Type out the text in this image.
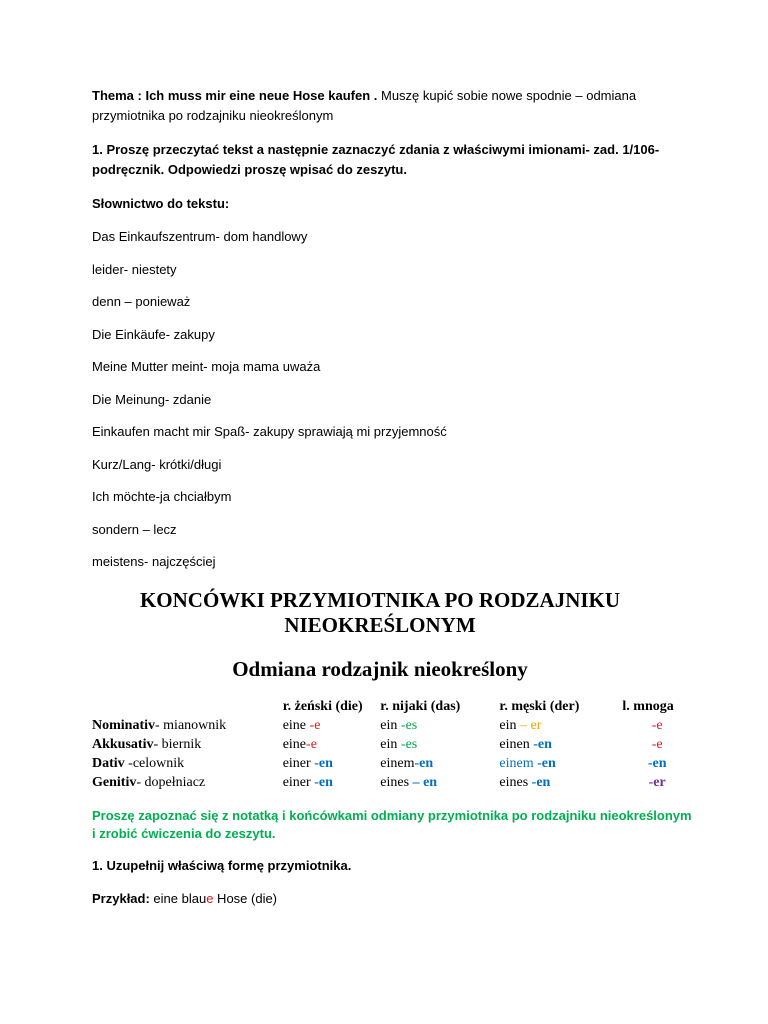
Thema : Ich muss mir eine neue Hose kaufen . Muszę kupić sobie nowe spodnie – odmiana przymiotnika po rodzajniku nieokreślonym

1. Proszę przeczytać tekst a następnie zaznaczyć zdania z właściwymi imionami- zad. 1/106- podręcznik. Odpowiedzi proszę wpisać do zeszytu.

Słownictwo do tekstu:

Das Einkaufszentrum- dom handlowy
leider- niestety
denn – ponieważ
Die Einkäufe- zakupy
Meine Mutter meint- moja mama uważa
Die Meinung- zdanie
Einkaufen macht mir Spaß- zakupy sprawiają mi przyjemność
Kurz/Lang- krótki/długi
Ich möchte-ja chciałbym
sondern – lecz
meistens- najczęściej
KONCÓWKI PRZYMIOTNIKA PO RODZAJNIKU
NIEOKREŚLONYM
Odmiana rodzajnik nieokreślony
	r. żeński (die)	r. nijaki (das)	r. męski (der)	l. mnoga
Nominativ- mianownik	eine -e	ein -es	ein – er	-e
Akkusativ- biernik	eine-e	ein -es	einen -en	-e
Dativ -celownik	einer -en	einem-en	einem -en	-en
Genitiv- dopełniacz	einer -en	eines – en	eines -en	-er
Proszę zapoznać się z notatką i końcówkami odmiany przymiotnika po rodzajniku nieokreślonym i zrobić ćwiczenia do zeszytu.

1. Uzupełnij właściwą formę przymiotnika.

Przykład: eine blaue Hose (die)
